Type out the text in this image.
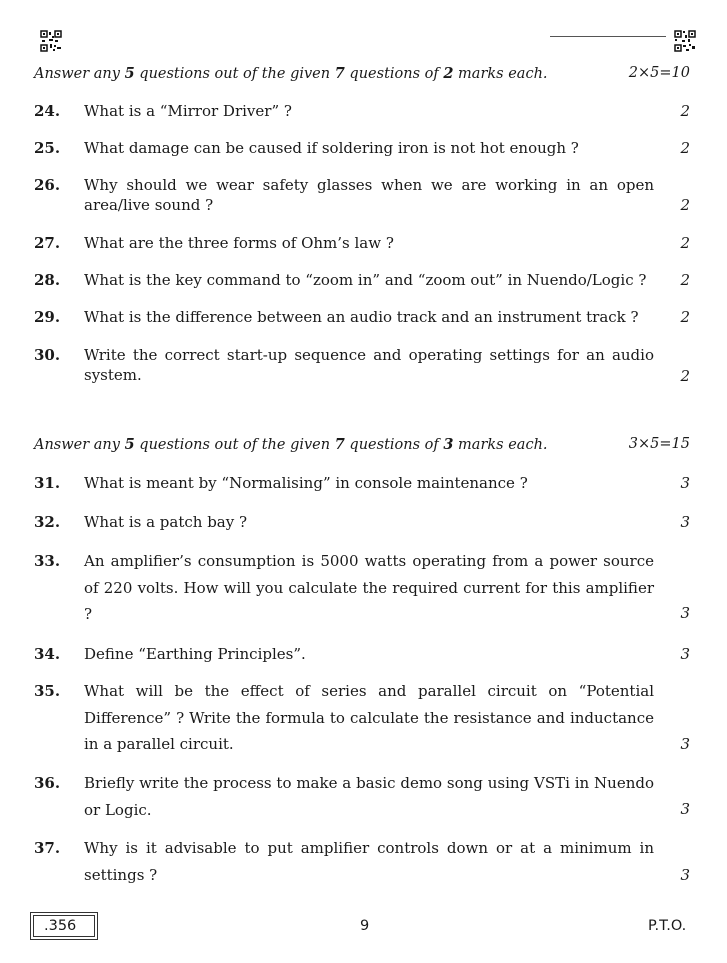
Answer any 5 questions out of the given 7 questions of 2 marks each.	2×5=10
24. What is a “Mirror Driver” ?	2
25. What damage can be caused if soldering iron is not hot enough ?	2
26. Why should we wear safety glasses when we are working in an open area/live sound ?	2
27. What are the three forms of Ohm’s law ?	2
28. What is the key command to “zoom in” and “zoom out” in Nuendo/Logic ?	2
29. What is the difference between an audio track and an instrument track ?	2
30. Write the correct start-up sequence and operating settings for an audio system.	2
Answer any 5 questions out of the given 7 questions of 3 marks each.	3×5=15
31. What is meant by “Normalising” in console maintenance ?	3
32. What is a patch bay ?	3
33. An amplifier’s consumption is 5000 watts operating from a power source of 220 volts. How will you calculate the required current for this amplifier ?	3
34. Define “Earthing Principles”.	3
35. What will be the effect of series and parallel circuit on “Potential Difference” ? Write the formula to calculate the resistance and inductance in a parallel circuit.	3
36. Briefly write the process to make a basic demo song using VSTi in Nuendo or Logic.	3
37. Why is it advisable to put amplifier controls down or at a minimum in settings ?	3
.356	9	P.T.O.
